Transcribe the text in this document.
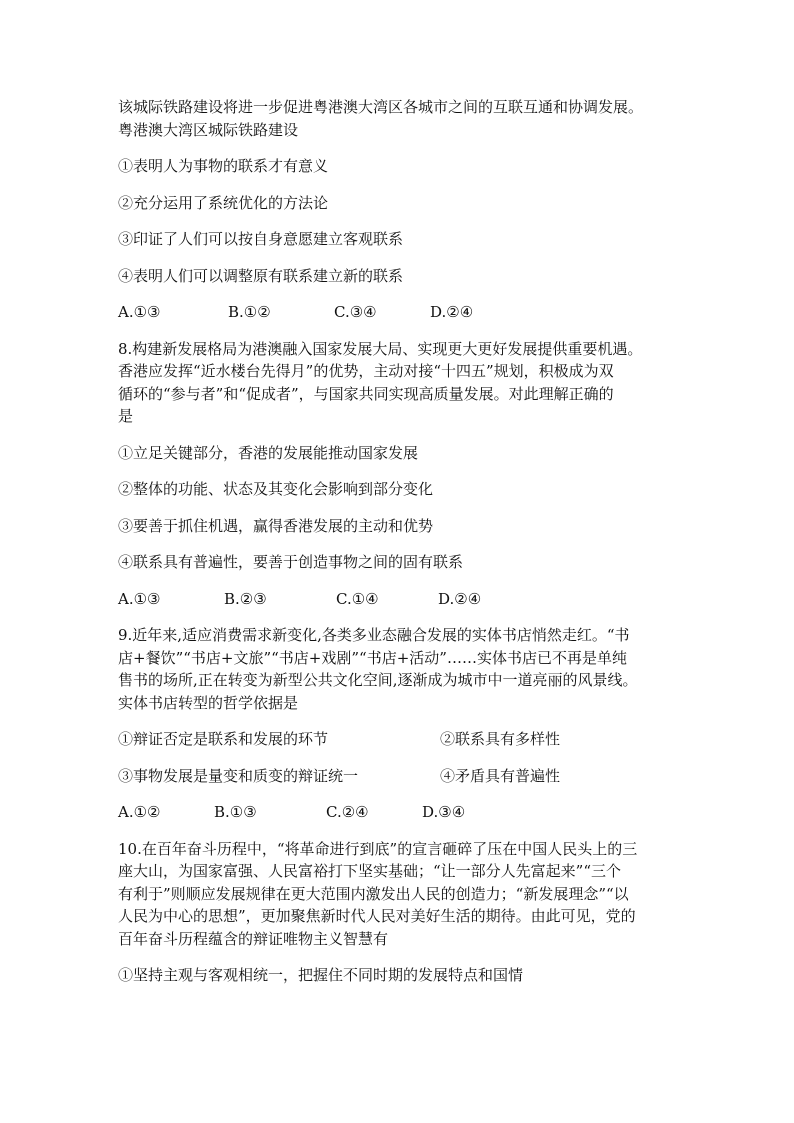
该城际铁路建设将进一步促进粤港澳大湾区各城市之间的互联互通和协调发展。
粤港澳大湾区城际铁路建设

①表明人为事物的联系才有意义

②充分运用了系统优化的方法论

③印证了人们可以按自身意愿建立客观联系

④表明人们可以调整原有联系建立新的联系

A.①③	B.①②	C.③④	D.②④

8.构建新发展格局为港澳融入国家发展大局、实现更大更好发展提供重要机遇。
香港应发挥“近水楼台先得月”的优势，主动对接“十四五”规划，积极成为双
循环的“参与者”和“促成者”，与国家共同实现高质量发展。对此理解正确的
是

①立足关键部分，香港的发展能推动国家发展

②整体的功能、状态及其变化会影响到部分变化

③要善于抓住机遇，赢得香港发展的主动和优势

④联系具有普遍性，要善于创造事物之间的固有联系

A.①③	B.②③	C.①④	D.②④

9.近年来,适应消费需求新变化,各类多业态融合发展的实体书店悄然走红。“书
店+餐饮”“书店+文旅”“书店+戏剧”“书店+活动”……实体书店已不再是单纯
售书的场所,正在转变为新型公共文化空间,逐渐成为城市中一道亮丽的风景线。
实体书店转型的哲学依据是

①辩证否定是联系和发展的环节	②联系具有多样性
③事物发展是量变和质变的辩证统一	④矛盾具有普遍性
A.①②	B.①③	C.②④	D.③④

10.在百年奋斗历程中，“将革命进行到底”的宣言砸碎了压在中国人民头上的三
座大山，为国家富强、人民富裕打下坚实基础；“让一部分人先富起来”“三个
有利于”则顺应发展规律在更大范围内激发出人民的创造力；“新发展理念”“以
人民为中心的思想”，更加聚焦新时代人民对美好生活的期待。由此可见，党的
百年奋斗历程蕴含的辩证唯物主义智慧有

①坚持主观与客观相统一，把握住不同时期的发展特点和国情
